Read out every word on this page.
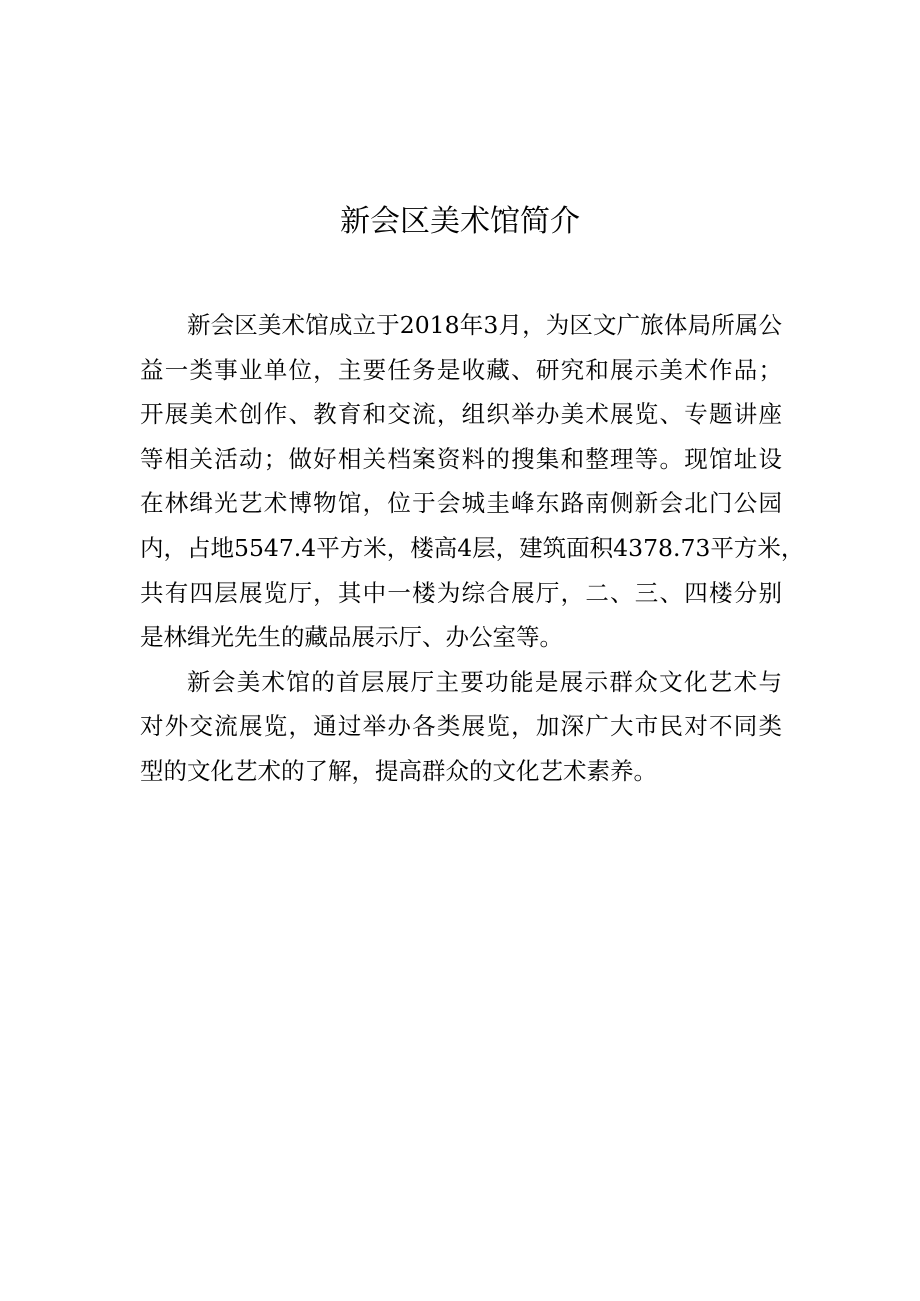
新会区美术馆简介
新会区美术馆成立于2018年3月，为区文广旅体局所属公
益一类事业单位，主要任务是收藏、研究和展示美术作品；
开展美术创作、教育和交流，组织举办美术展览、专题讲座
等相关活动；做好相关档案资料的搜集和整理等。现馆址设
在林缉光艺术博物馆，位于会城圭峰东路南侧新会北门公园
内，占地5547.4平方米，楼高4层，建筑面积4378.73平方米，
共有四层展览厅，其中一楼为综合展厅，二、三、四楼分别
是林缉光先生的藏品展示厅、办公室等。
新会美术馆的首层展厅主要功能是展示群众文化艺术与
对外交流展览，通过举办各类展览，加深广大市民对不同类
型的文化艺术的了解，提高群众的文化艺术素养。
